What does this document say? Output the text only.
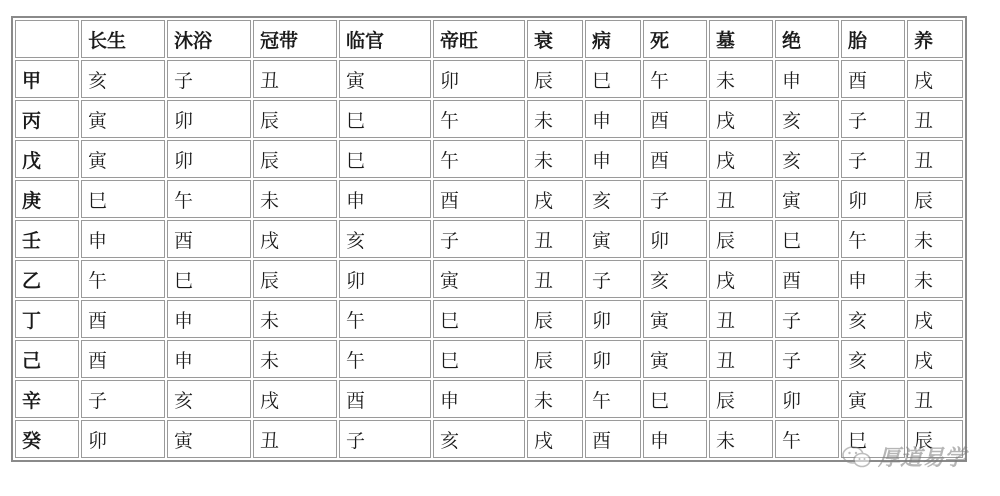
	长生	沐浴	冠带	临官	帝旺	衰	病	死	墓	绝	胎	养
甲	亥	子	丑	寅	卯	辰	巳	午	未	申	酉	戌
丙	寅	卯	辰	巳	午	未	申	酉	戌	亥	子	丑
戊	寅	卯	辰	巳	午	未	申	酉	戌	亥	子	丑
庚	巳	午	未	申	酉	戌	亥	子	丑	寅	卯	辰
壬	申	酉	戌	亥	子	丑	寅	卯	辰	巳	午	未
乙	午	巳	辰	卯	寅	丑	子	亥	戌	酉	申	未
丁	酉	申	未	午	巳	辰	卯	寅	丑	子	亥	戌
己	酉	申	未	午	巳	辰	卯	寅	丑	子	亥	戌
辛	子	亥	戌	酉	申	未	午	巳	辰	卯	寅	丑
癸	卯	寅	丑	子	亥	戌	酉	申	未	午	巳	辰
厚道易学
